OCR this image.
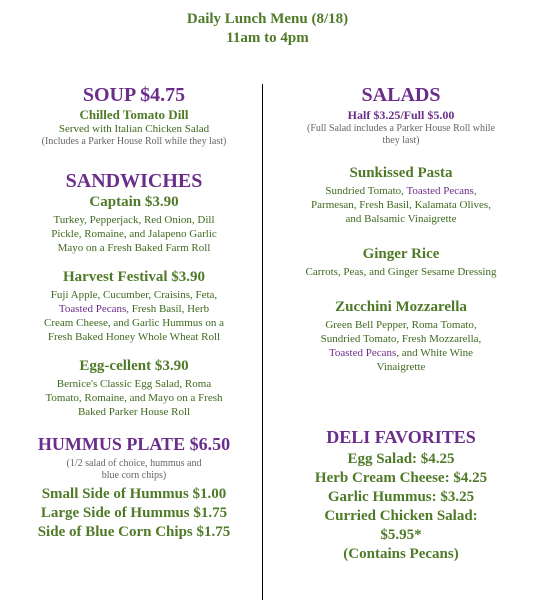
Daily Lunch Menu (8/18)
11am to 4pm
SOUP $4.75
Chilled Tomato Dill
Served with Italian Chicken Salad
(Includes a Parker House Roll while they last)
SANDWICHES
Captain $3.90
Turkey, Pepperjack, Red Onion, Dill
Pickle, Romaine, and Jalapeno Garlic
Mayo on a Fresh Baked Farm Roll
Harvest Festival $3.90
Fuji Apple, Cucumber, Craisins, Feta,
Toasted Pecans, Fresh Basil, Herb
Cream Cheese, and Garlic Hummus on a
Fresh Baked Honey Whole Wheat Roll
Egg-cellent $3.90
Bernice's Classic Egg Salad, Roma
Tomato, Romaine, and Mayo on a Fresh
Baked Parker House Roll
HUMMUS PLATE $6.50
(1/2 salad of choice, hummus and
blue corn chips)
Small Side of Hummus $1.00
Large Side of Hummus $1.75
Side of Blue Corn Chips $1.75
SALADS
Half $3.25/Full $5.00
(Full Salad includes a Parker House Roll while
they last)
Sunkissed Pasta
Sundried Tomato, Toasted Pecans,
Parmesan, Fresh Basil, Kalamata Olives,
and Balsamic Vinaigrette
Ginger Rice
Carrots, Peas, and Ginger Sesame Dressing
Zucchini Mozzarella
Green Bell Pepper, Roma Tomato,
Sundried Tomato, Fresh Mozzarella,
Toasted Pecans, and White Wine
Vinaigrette
DELI FAVORITES
Egg Salad: $4.25
Herb Cream Cheese: $4.25
Garlic Hummus: $3.25
Curried Chicken Salad:
$5.95*
(Contains Pecans)
